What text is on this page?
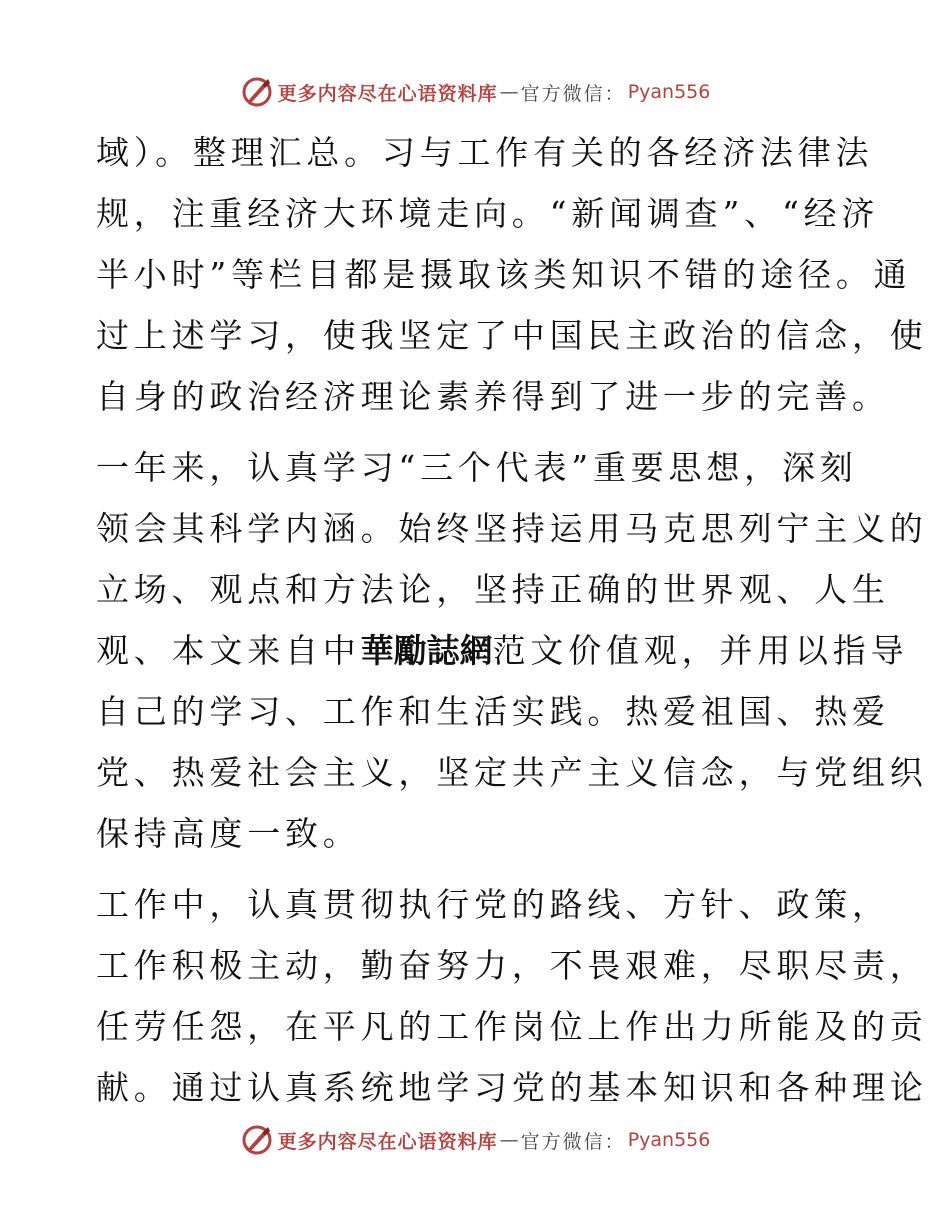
更多内容尽在心语资料库 — 官方微信： Pyan556

域）。整理汇总。习与工作有关的各经济法律法
规，注重经济大环境走向。“新闻调查”、“经济
半小时”等栏目都是摄取该类知识不错的途径。通
过上述学习，使我坚定了中国民主政治的信念，使
自身的政治经济理论素养得到了进一步的完善。

一年来，认真学习“三个代表”重要思想，深刻
领会其科学内涵。始终坚持运用马克思列宁主义的
立场、观点和方法论，坚持正确的世界观、人生
观、本文来自中華勵誌網范文价值观，并用以指导
自己的学习、工作和生活实践。热爱祖国、热爱
党、热爱社会主义，坚定共产主义信念，与党组织
保持高度一致。

工作中，认真贯彻执行党的路线、方针、政策，
工作积极主动，勤奋努力，不畏艰难，尽职尽责，
任劳任怨，在平凡的工作岗位上作出力所能及的贡
献。通过认真系统地学习党的基本知识和各种理论

更多内容尽在心语资料库 — 官方微信： Pyan556
